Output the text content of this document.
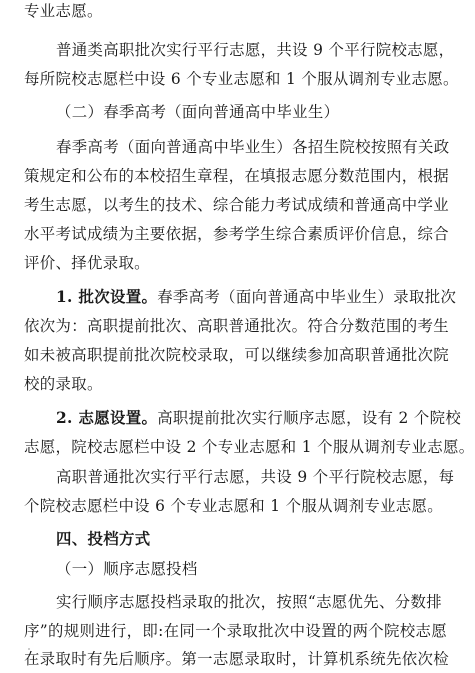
专业志愿。
普通类高职批次实行平行志愿，共设 9 个平行院校志愿，
每所院校志愿栏中设 6 个专业志愿和 1 个服从调剂专业志愿。
（二）春季高考（面向普通高中毕业生）
春季高考（面向普通高中毕业生）各招生院校按照有关政
策规定和公布的本校招生章程，在填报志愿分数范围内，根据
考生志愿，以考生的技术、综合能力考试成绩和普通高中学业
水平考试成绩为主要依据，参考学生综合素质评价信息，综合
评价、择优录取。
1. 批次设置。春季高考（面向普通高中毕业生）录取批次
依次为：高职提前批次、高职普通批次。符合分数范围的考生
如未被高职提前批次院校录取，可以继续参加高职普通批次院
校的录取。
2. 志愿设置。高职提前批次实行顺序志愿，设有 2 个院校
志愿，院校志愿栏中设 2 个专业志愿和 1 个服从调剂专业志愿。
高职普通批次实行平行志愿，共设 9 个平行院校志愿，每
个院校志愿栏中设 6 个专业志愿和 1 个服从调剂专业志愿。
四、投档方式
（一）顺序志愿投档
实行顺序志愿投档录取的批次，按照“志愿优先、分数排
序”的规则进行，即:在同一个录取批次中设置的两个院校志愿
在录取时有先后顺序。第一志愿录取时，计算机系统先依次检
